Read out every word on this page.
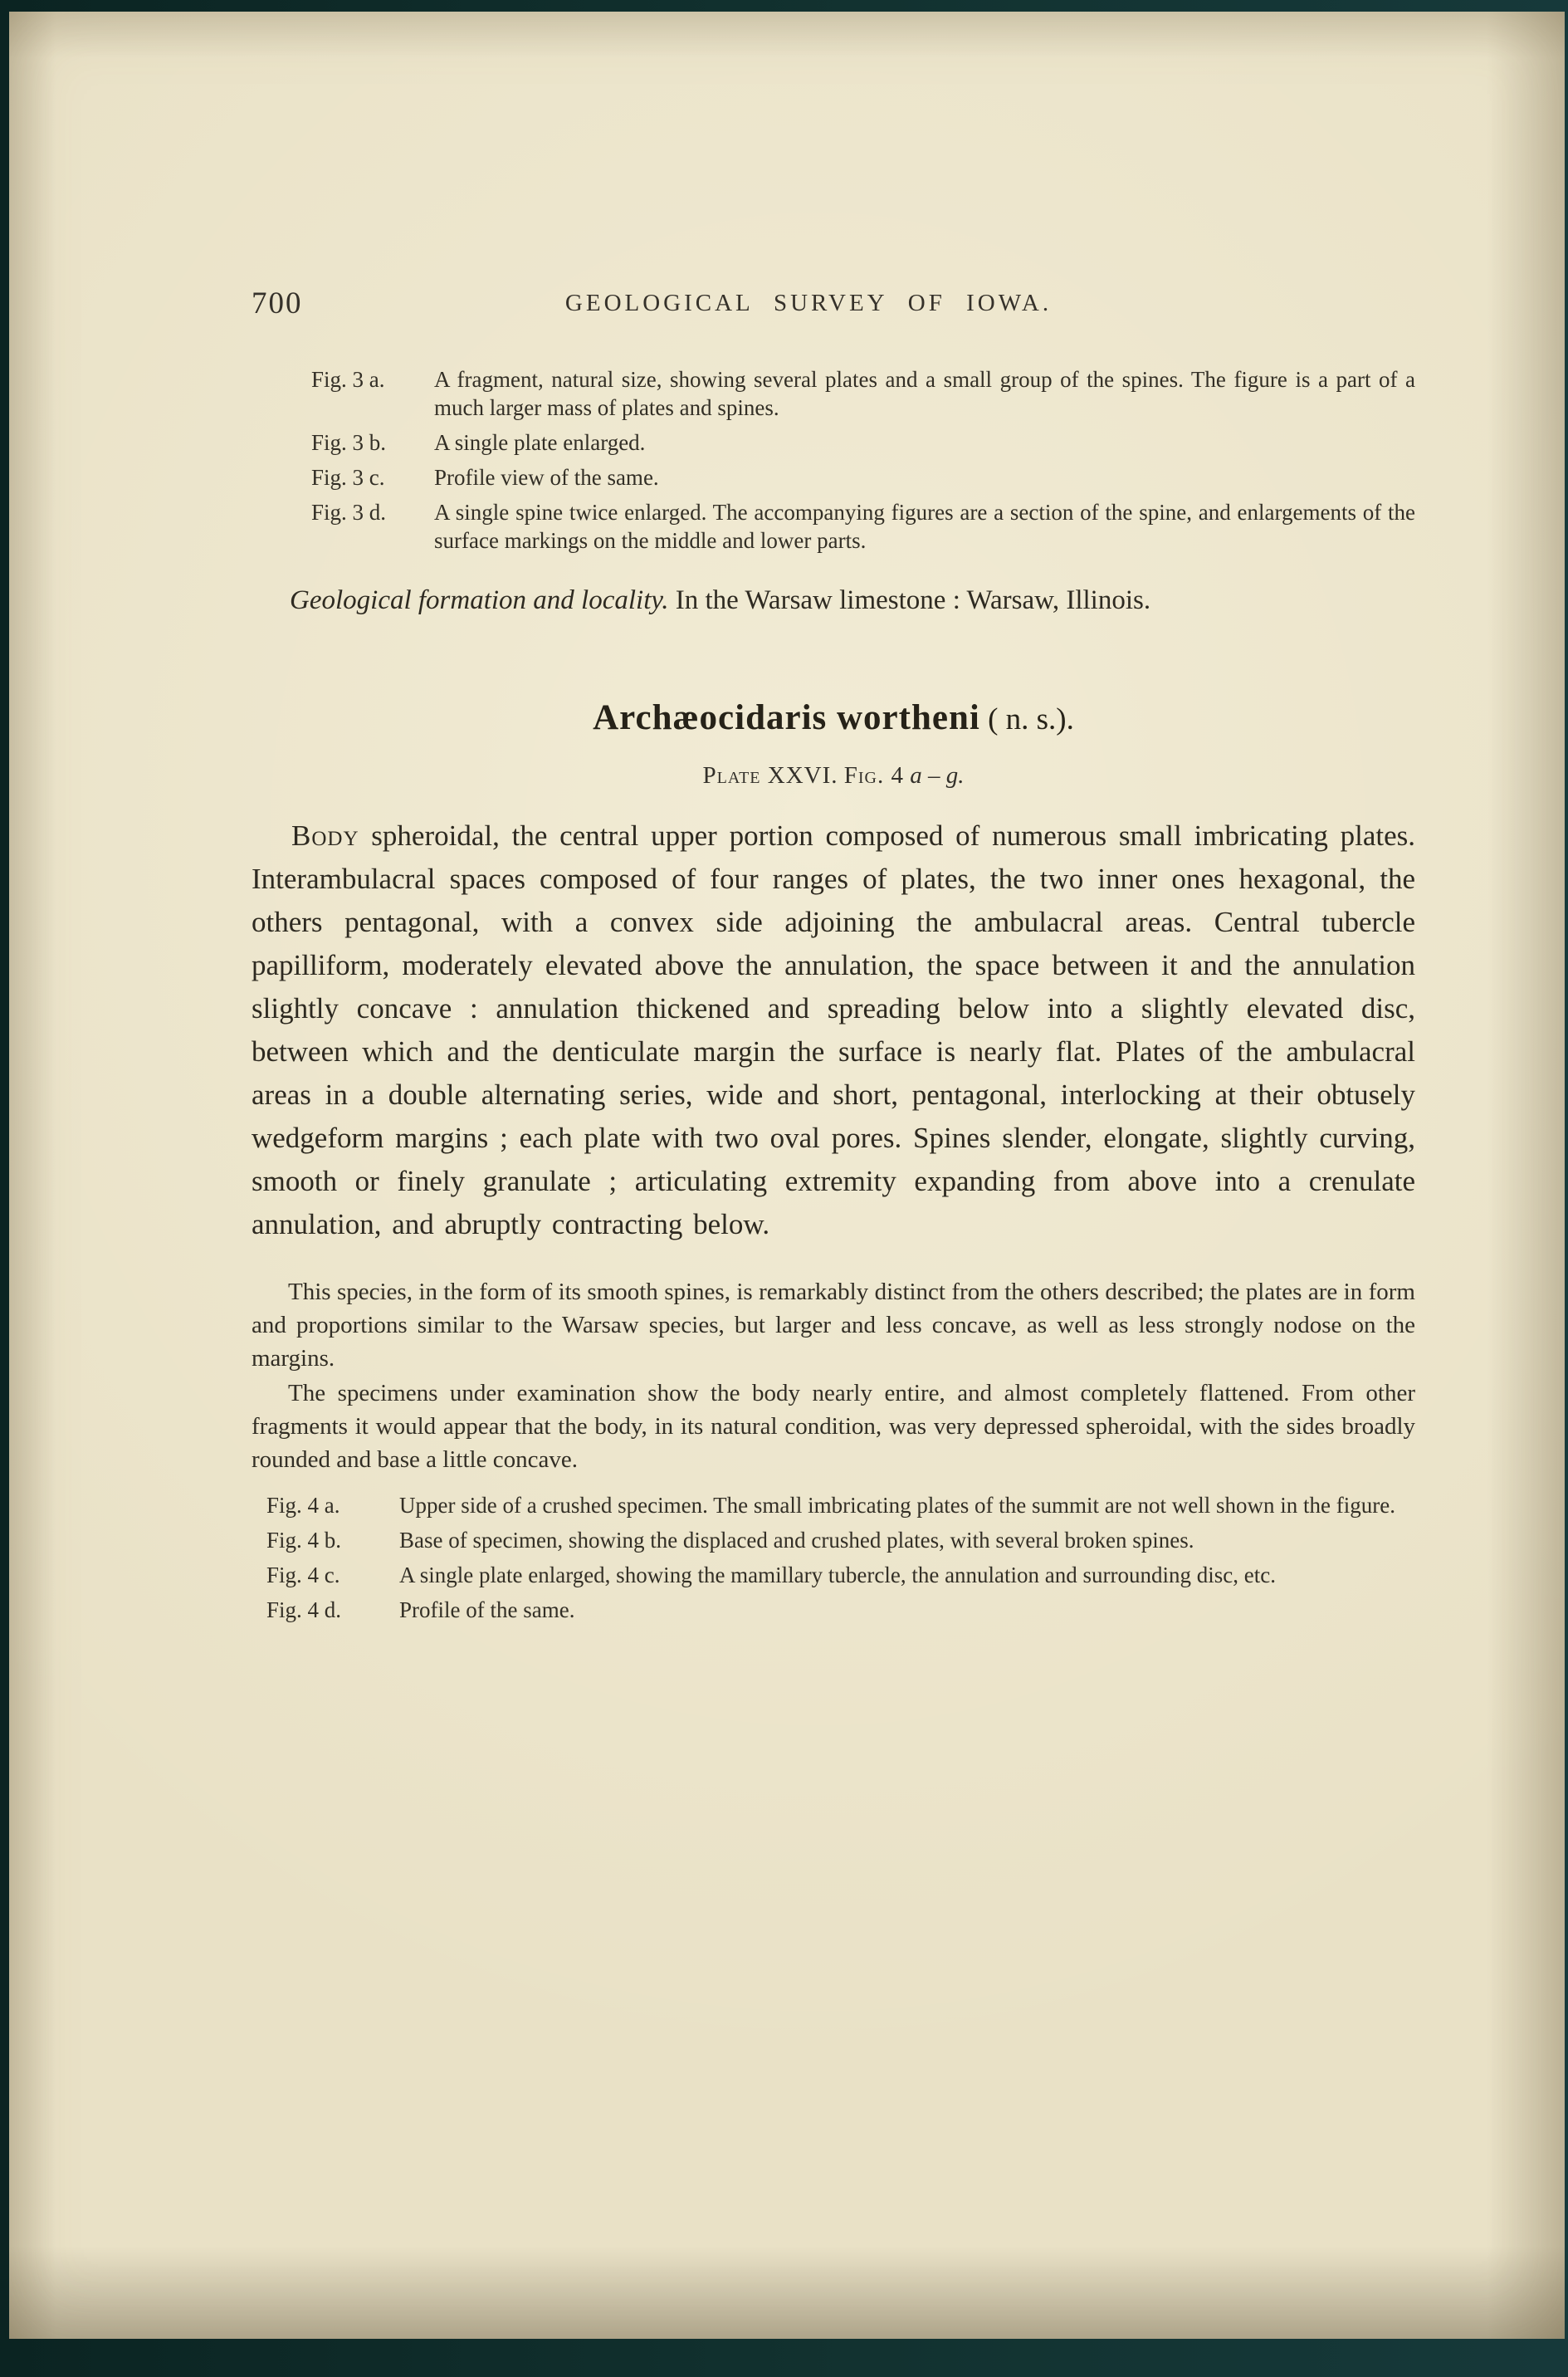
700	GEOLOGICAL SURVEY OF IOWA.
Fig. 3 a.	A fragment, natural size, showing several plates and a small group of the spines. The figure is a part of a much larger mass of plates and spines.
Fig. 3 b.	A single plate enlarged.
Fig. 3 c.	Profile view of the same.
Fig. 3 d.	A single spine twice enlarged. The accompanying figures are a section of the spine, and enlargements of the surface markings on the middle and lower parts.

Geological formation and locality. In the Warsaw limestone : Warsaw, Illinois.

Archæocidaris wortheni ( n. s.).
Plate XXVI. Fig. 4 a – g.

Body spheroidal, the central upper portion composed of numerous small imbricating plates. Interambulacral spaces composed of four ranges of plates, the two inner ones hexagonal, the others pentagonal, with a convex side adjoining the ambulacral areas. Central tubercle papilliform, moderately elevated above the annulation, the space between it and the annulation slightly concave : annulation thickened and spreading below into a slightly elevated disc, between which and the denticulate margin the surface is nearly flat. Plates of the ambulacral areas in a double alternating series, wide and short, pentagonal, interlocking at their obtusely wedgeform margins ; each plate with two oval pores. Spines slender, elongate, slightly curving, smooth or finely granulate ; articulating extremity expanding from above into a crenulate annulation, and abruptly contracting below.

This species, in the form of its smooth spines, is remarkably distinct from the others described; the plates are in form and proportions similar to the Warsaw species, but larger and less concave, as well as less strongly nodose on the margins.

The specimens under examination show the body nearly entire, and almost completely flattened. From other fragments it would appear that the body, in its natural condition, was very depressed spheroidal, with the sides broadly rounded and base a little concave.

Fig. 4 a.	Upper side of a crushed specimen. The small imbricating plates of the summit are not well shown in the figure.
Fig. 4 b.	Base of specimen, showing the displaced and crushed plates, with several broken spines.
Fig. 4 c.	A single plate enlarged, showing the mamillary tubercle, the annulation and surrounding disc, etc.
Fig. 4 d.	Profile of the same.
